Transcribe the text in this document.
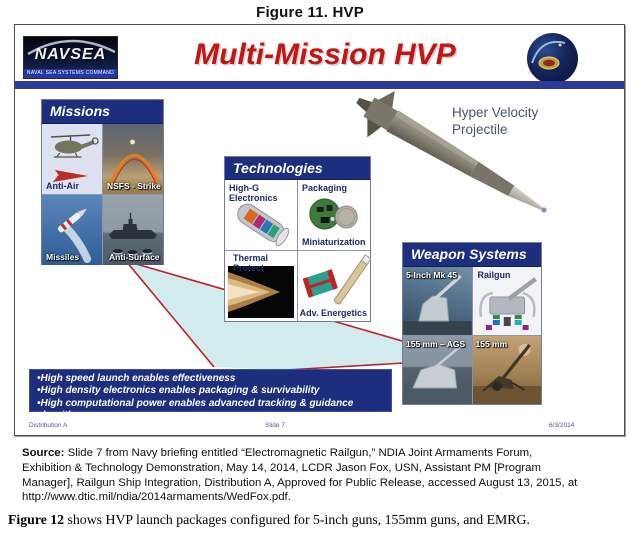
Figure 11. HVP
NAVSEA
NAVAL SEA SYSTEMS COMMAND
Multi-Mission HVP
Hyper Velocity
Projectile
Missions
Anti-Air	NSFS - Strike
Missiles	Anti-Surface
Technologies
High-G Electronics
Packaging
Miniaturization
Thermal Protect
Adv. Energetics
Weapon Systems
5-Inch Mk 45 Railgun
155 mm – AGS 155 mm
•High speed launch enables effectiveness
•High density electronics enables packaging & survivability
•High computational power enables advanced tracking & guidance algorithms
Distribution A	Slide 7	6/3/2014
Source: Slide 7 from Navy briefing entitled “Electromagnetic Railgun,” NDIA Joint Armaments Forum,
Exhibition & Technology Demonstration, May 14, 2014, LCDR Jason Fox, USN, Assistant PM [Program
Manager], Railgun Ship Integration, Distribution A, Approved for Public Release, accessed August 13, 2015, at
http://www.dtic.mil/ndia/2014armaments/WedFox.pdf.
Figure 12 shows HVP launch packages configured for 5-inch guns, 155mm guns, and EMRG.
